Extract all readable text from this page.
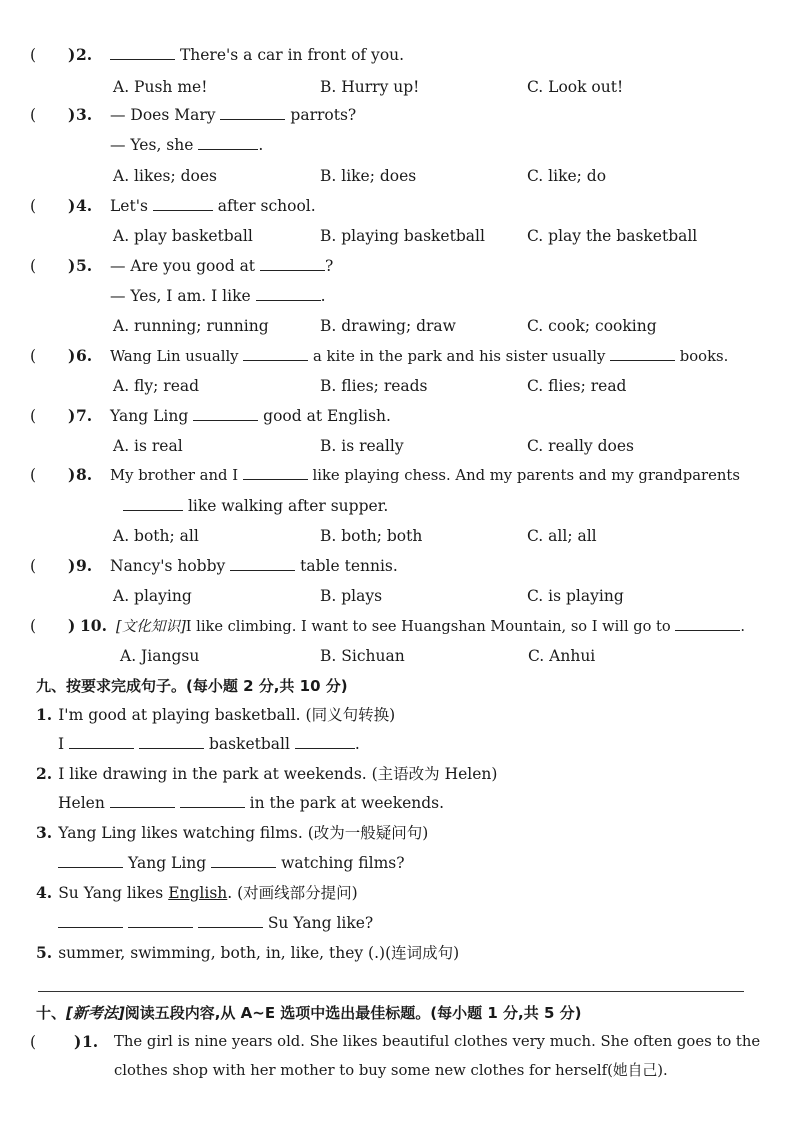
( ) 2.	There's a car in front of you.
A. Push me!	B. Hurry up!	C. Look out!
( ) 3. — Does Mary	parrots?
— Yes, she	.
A. likes; does	B. like; does	C. like; do
( ) 4. Let's	after school.
A. play basketball	B. playing basketball	C. play the basketball
( ) 5. — Are you good at	?
— Yes, I am. I like	.
A. running; running	B. drawing; draw	C. cook; cooking
( ) 6. Wang Lin usually	a kite in the park and his sister usually	books.
A. fly; read	B. flies; reads	C. flies; read
( ) 7. Yang Ling	good at English.
A. is real	B. is really	C. really does
( ) 8. My brother and I	like playing chess. And my parents and my grandparents
like walking after supper.
A. both; all	B. both; both	C. all; all
( ) 9. Nancy's hobby	table tennis.
A. playing	B. plays	C. is playing
( ) 10. [文化知识]I like climbing. I want to see Huangshan Mountain, so I will go to	.
A. Jiangsu	B. Sichuan	C. Anhui
九、按要求完成句子。(每小题 2 分,共 10 分)
1. I'm good at playing basketball. (同义句转换)
I	basketball	.
2. I like drawing in the park at weekends. (主语改为 Helen)
Helen	in the park at weekends.
3. Yang Ling likes watching films. (改为一般疑问句)
Yang Ling	watching films?
4. Su Yang likes English. (对画线部分提问)
Su Yang like?
5. summer, swimming, both, in, like, they (.)(连词成句)
十、[新考法]阅读五段内容,从 A~E 选项中选出最佳标题。(每小题 1 分,共 5 分)
( ) 1. The girl is nine years old. She likes beautiful clothes very much. She often goes to the
clothes shop with her mother to buy some new clothes for herself(她自己).
